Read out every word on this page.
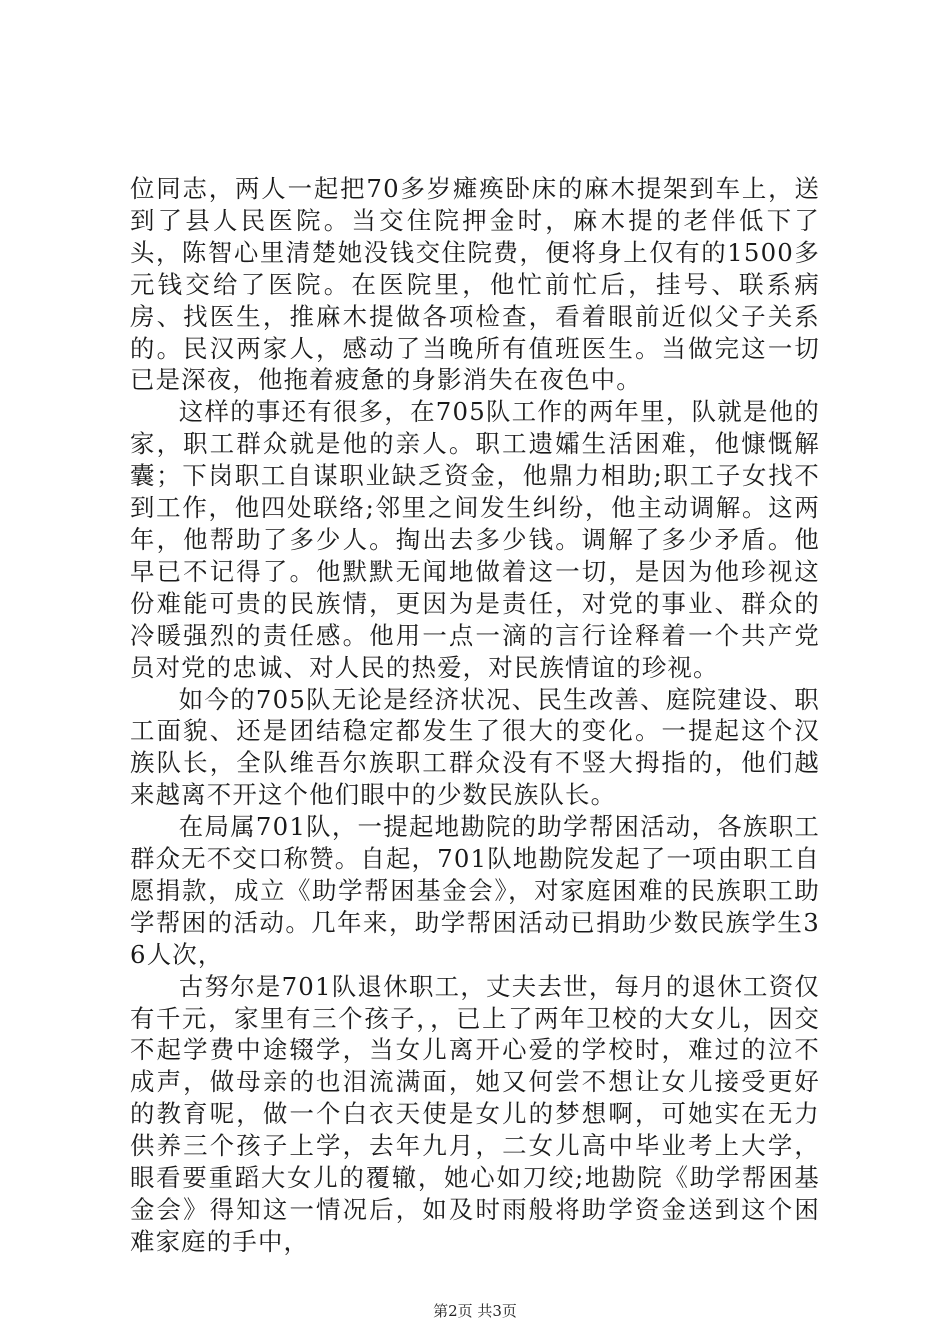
位同志，两人一起把70多岁瘫痪卧床的麻木提架到车上，送到了县人民医院。当交住院押金时，麻木提的老伴低下了头，陈智心里清楚她没钱交住院费，便将身上仅有的1500多元钱交给了医院。在医院里，他忙前忙后，挂号、联系病房、找医生，推麻木提做各项检查，看着眼前近似父子关系的。民汉两家人，感动了当晚所有值班医生。当做完这一切已是深夜，他拖着疲惫的身影消失在夜色中。

这样的事还有很多，在705队工作的两年里，队就是他的家，职工群众就是他的亲人。职工遗孀生活困难，他慷慨解囊；下岗职工自谋职业缺乏资金，他鼎力相助;职工子女找不到工作，他四处联络;邻里之间发生纠纷，他主动调解。这两年，他帮助了多少人。掏出去多少钱。调解了多少矛盾。他早已不记得了。他默默无闻地做着这一切，是因为他珍视这份难能可贵的民族情，更因为是责任，对党的事业、群众的冷暖强烈的责任感。他用一点一滴的言行诠释着一个共产党员对党的忠诚、对人民的热爱，对民族情谊的珍视。

如今的705队无论是经济状况、民生改善、庭院建设、职工面貌、还是团结稳定都发生了很大的变化。一提起这个汉族队长，全队维吾尔族职工群众没有不竖大拇指的，他们越来越离不开这个他们眼中的少数民族队长。

在局属701队，一提起地勘院的助学帮困活动，各族职工群众无不交口称赞。自起，701队地勘院发起了一项由职工自愿捐款，成立《助学帮困基金会》，对家庭困难的民族职工助学帮困的活动。几年来，助学帮困活动已捐助少数民族学生36人次，

古努尔是701队退休职工，丈夫去世，每月的退休工资仅有千元，家里有三个孩子，，已上了两年卫校的大女儿，因交不起学费中途辍学，当女儿离开心爱的学校时，难过的泣不成声，做母亲的也泪流满面，她又何尝不想让女儿接受更好的教育呢，做一个白衣天使是女儿的梦想啊，可她实在无力供养三个孩子上学，去年九月，二女儿高中毕业考上大学，眼看要重蹈大女儿的覆辙，她心如刀绞;地勘院《助学帮困基金会》得知这一情况后，如及时雨般将助学资金送到这个困难家庭的手中，

第2页 共3页
